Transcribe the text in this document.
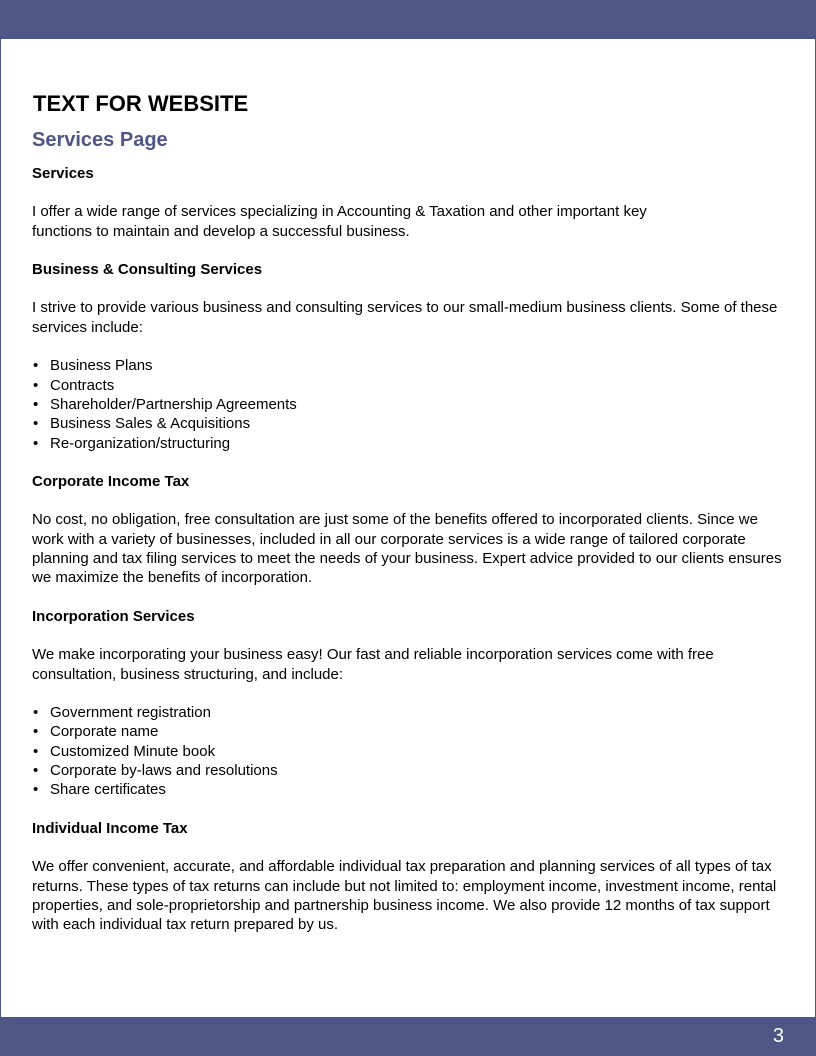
TEXT FOR WEBSITE
Services Page
Services

I offer a wide range of services specializing in Accounting & Taxation and other important key
functions to maintain and develop a successful business.

Business & Consulting Services

I strive to provide various business and consulting services to our small-medium business clients. Some of these services include:

• Business Plans
• Contracts
• Shareholder/Partnership Agreements
• Business Sales & Acquisitions
• Re-organization/structuring
Corporate Income Tax

No cost, no obligation, free consultation are just some of the benefits offered to incorporated clients. Since we work with a variety of businesses, included in all our corporate services is a wide range of tailored corporate planning and tax filing services to meet the needs of your business. Expert advice provided to our clients ensures we maximize the benefits of incorporation.

Incorporation Services

We make incorporating your business easy! Our fast and reliable incorporation services come with free consultation, business structuring, and include:

• Government registration
• Corporate name
• Customized Minute book
• Corporate by-laws and resolutions
• Share certificates
Individual Income Tax

We offer convenient, accurate, and affordable individual tax preparation and planning services of all types of tax returns. These types of tax returns can include but not limited to: employment income, investment income, rental properties, and sole-proprietorship and partnership business income. We also provide 12 months of tax support with each individual tax return prepared by us.

3
